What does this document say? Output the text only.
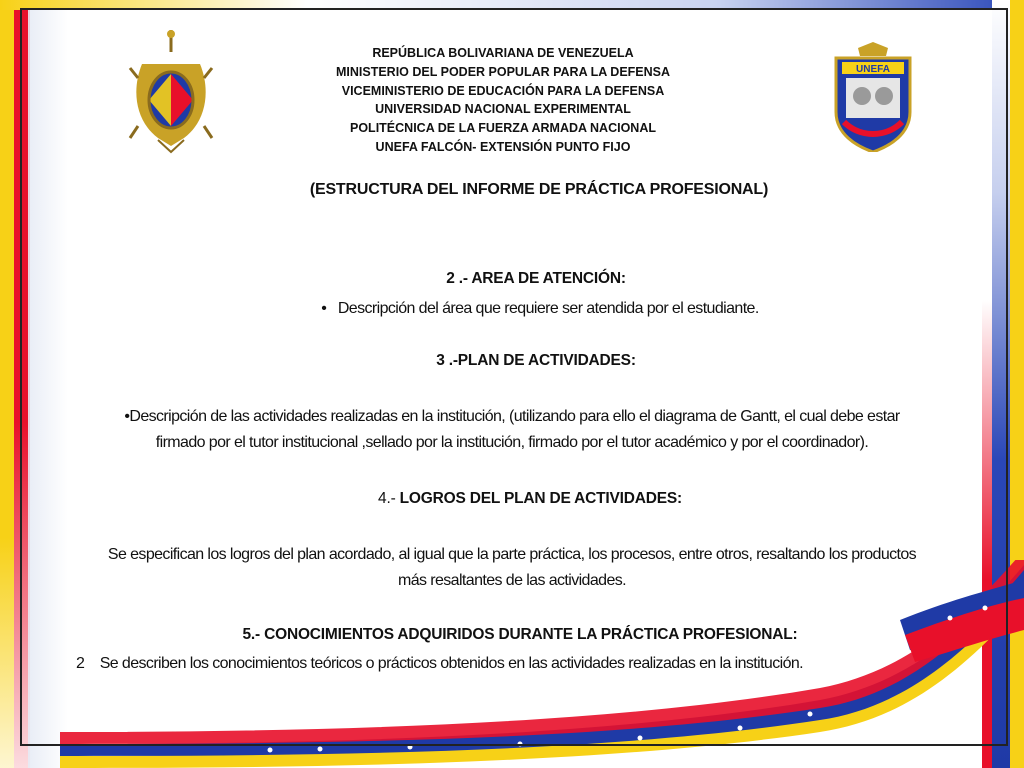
UNEFA
REPÚBLICA BOLIVARIANA DE VENEZUELA
MINISTERIO DEL PODER POPULAR PARA LA DEFENSA
VICEMINISTERIO DE EDUCACIÓN PARA LA DEFENSA
UNIVERSIDAD NACIONAL EXPERIMENTAL
POLITÉCNICA DE LA FUERZA ARMADA NACIONAL
UNEFA FALCÓN- EXTENSIÓN PUNTO FIJO
(ESTRUCTURA DEL INFORME DE PRÁCTICA PROFESIONAL)
2 .- AREA DE ATENCIÓN:
• Descripción del área que requiere ser atendida por el estudiante.
3 .-PLAN DE ACTIVIDADES:
•Descripción de las actividades realizadas en la institución, (utilizando para ello el diagrama de Gantt, el cual debe estar
firmado por el tutor institucional ,sellado por la institución, firmado por el tutor académico y por el coordinador).
4.- LOGROS DEL PLAN DE ACTIVIDADES:
Se especifican los logros del plan acordado, al igual que la parte práctica, los procesos, entre otros, resaltando los productos
más resaltantes de las actividades.
5.- CONOCIMIENTOS ADQUIRIDOS DURANTE LA PRÁCTICA PROFESIONAL:
2 Se describen los conocimientos teóricos o prácticos obtenidos en las actividades realizadas en la institución.
